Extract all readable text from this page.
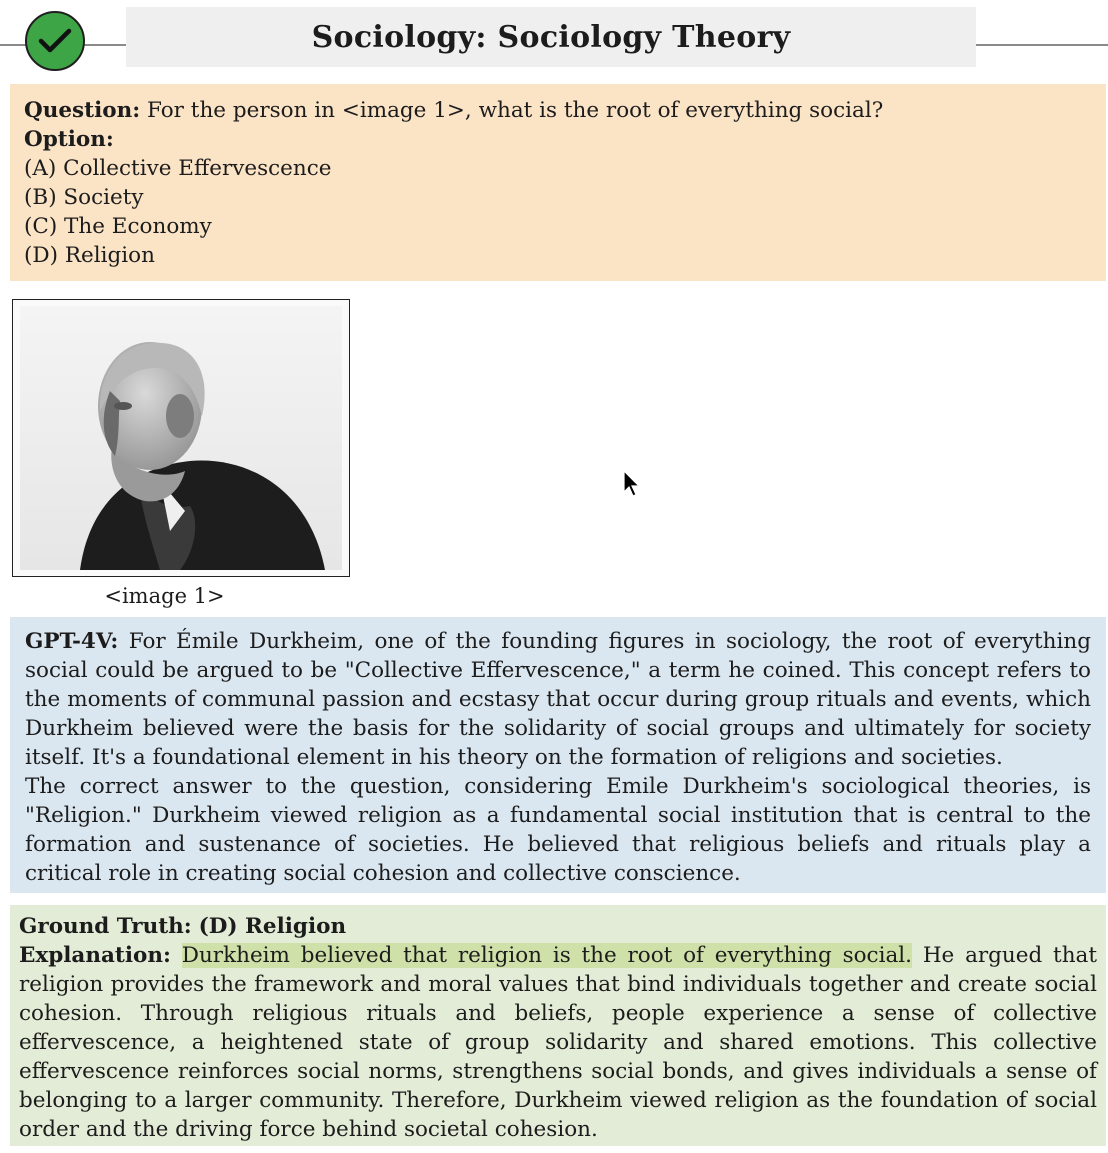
Sociology: Sociology Theory
Question: For the person in <image 1>, what is the root of everything social?
Option:
(A) Collective Effervescence
(B) Society
(C) The Economy
(D) Religion
<image 1>

GPT-4V: For Émile Durkheim, one of the founding figures in sociology, the root of everything social could be argued to be "Collective Effervescence," a term he coined. This concept refers to the moments of communal passion and ecstasy that occur during group rituals and events, which Durkheim believed were the basis for the solidarity of social groups and ultimately for society itself. It's a foundational element in his theory on the formation of religions and societies.

The correct answer to the question, considering Emile Durkheim's sociological theories, is "Religion." Durkheim viewed religion as a fundamental social institution that is central to the formation and sustenance of societies. He believed that religious beliefs and rituals play a critical role in creating social cohesion and collective conscience.

Ground Truth: (D) Religion

Explanation: Durkheim believed that religion is the root of everything social. He argued that religion provides the framework and moral values that bind individuals together and create social cohesion. Through religious rituals and beliefs, people experience a sense of collective effervescence, a heightened state of group solidarity and shared emotions. This collective effervescence reinforces social norms, strengthens social bonds, and gives individuals a sense of belonging to a larger community. Therefore, Durkheim viewed religion as the foundation of social order and the driving force behind societal cohesion.
